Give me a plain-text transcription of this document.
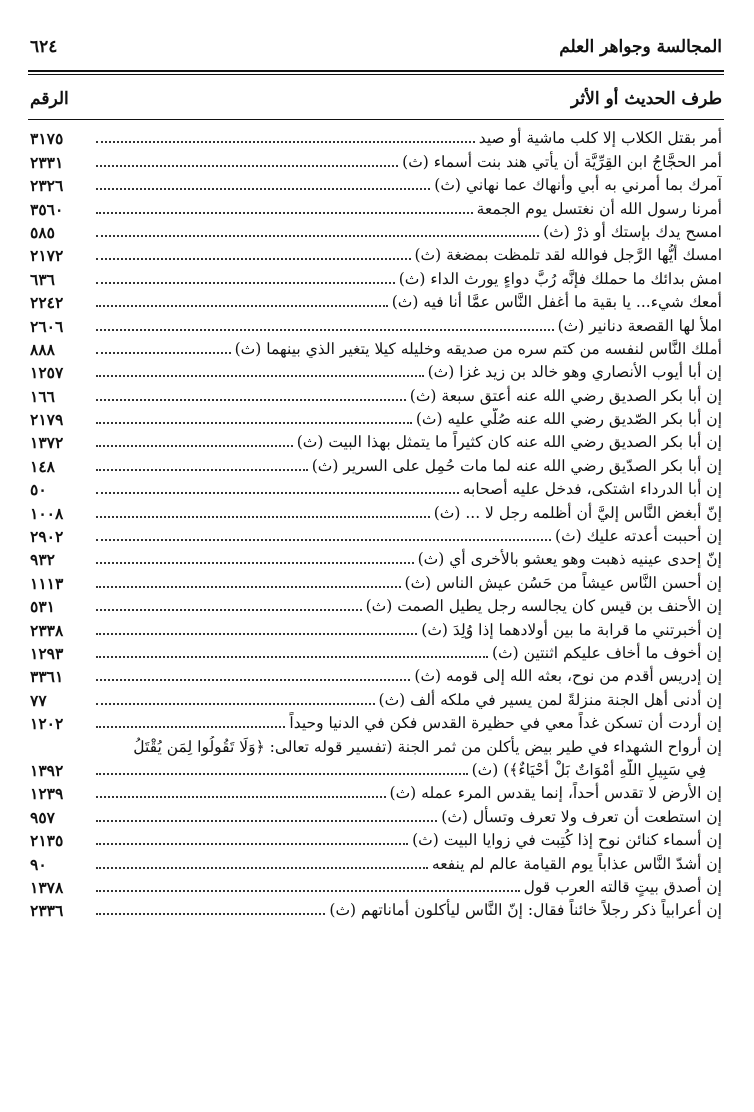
٦٢٤	المجالسة وجواهر العلم
الرقم	طرف الحديث أو الأثر
أمر بقتل الكلاب إلا كلب ماشية أو صيد
٣١٧٥
أمر الحجَّاجُ ابن القِرِّيَّة أن يأتي هند بنت أسماء (ث)
٢٣٣١
آمرك بما أمرني به أبي وأنهاك عما نهاني (ث)
٢٣٢٦
أمرنا رسول الله أن نغتسل يوم الجمعة
٣٥٦٠
امسح يدك بإستك أو ذرْ (ث)
٥٨٥
امسك أيُّها الرَّجل فوالله لقد تلمظت بمضغة (ث)
٢١٧٢
امش بدائك ما حملك فإنَّه رُبَّ دواءٍ يورث الداء (ث)
٦٣٦
أمعك شيء... يا بقية ما أغفل النَّاس عمَّا أنا فيه (ث)
٢٢٤٢
املأ لها القصعة دنانير (ث)
٢٦٠٦
أملك النَّاس لنفسه من كتم سره من صديقه وخليله كيلا يتغير الذي بينهما (ث)
٨٨٨
إن أبا أيوب الأنصاري وهو خالد بن زيد غزا (ث)
١٢٥٧
إن أبا بكر الصديق رضي الله عنه أعتق سبعة (ث)
١٦٦
إن أبا بكر الصّديق رضي الله عنه صُلّي عليه (ث)
٢١٧٩
إن أبا بكر الصديق رضي الله عنه كان كثيراً ما يتمثل بهذا البيت (ث)
١٣٧٢
إن أبا بكر الصدّيق رضي الله عنه لما مات حُمِل على السرير (ث)
١٤٨
إن أبا الدرداء اشتكى، فدخل عليه أصحابه
٥٠
إنّ أبغض النَّاس إليَّ أن أظلمه رجل لا ... (ث)
١٠٠٨
إن أحببت أعدته عليك (ث)
٢٩٠٢
إنّ إحدى عينيه ذهبت وهو يعشو بالأخرى أي (ث)
٩٣٢
إن أحسن النَّاس عيشاً من حَسُن عيش الناس (ث)
١١١٣
إن الأحنف بن قيس كان يجالسه رجل يطيل الصمت (ث)
٥٣١
إن أخبرتني ما قرابة ما بين أولادهما إذا وُلِدَ (ث)
٢٣٣٨
إن أخوف ما أخاف عليكم اثنتين (ث)
١٢٩٣
إن إدريس أقدم من نوح، بعثه الله إلى قومه (ث)
٣٣٦١
إن أدنى أهل الجنة منزلةً لمن يسير في ملكه ألف (ث)
٧٧
إن أردت أن تسكن غداً معي في حظيرة القدس فكن في الدنيا وحيداً
١٢٠٢
إن أرواح الشهداء في طير بيض يأكلن من ثمر الجنة (تفسير قوله تعالى: ﴿وَلَا تَقُولُوا لِمَن يُقْتَلُ
فِي سَبِيلِ اللَّهِ أَمْوَاتٌ بَلْ أَحْيَاءٌ﴾) (ث)
١٣٩٢
إن الأرض لا تقدس أحداً، إنما يقدس المرء عمله (ث)
١٢٣٩
إن استطعت أن تعرف ولا تعرف وتسأل (ث)
٩٥٧
إن أسماء كنائن نوح إذا كُتِبت في زوايا البيت (ث)
٢١٣٥
إن أشدّ النَّاس عذاباً يوم القيامة عالم لم ينفعه
٩٠
إن أصدق بيتٍ قالته العرب قول
١٣٧٨
إن أعرابياً ذكر رجلاً خائناً فقال: إنّ النَّاس ليأكلون أماناتهم (ث)
٢٣٣٦
